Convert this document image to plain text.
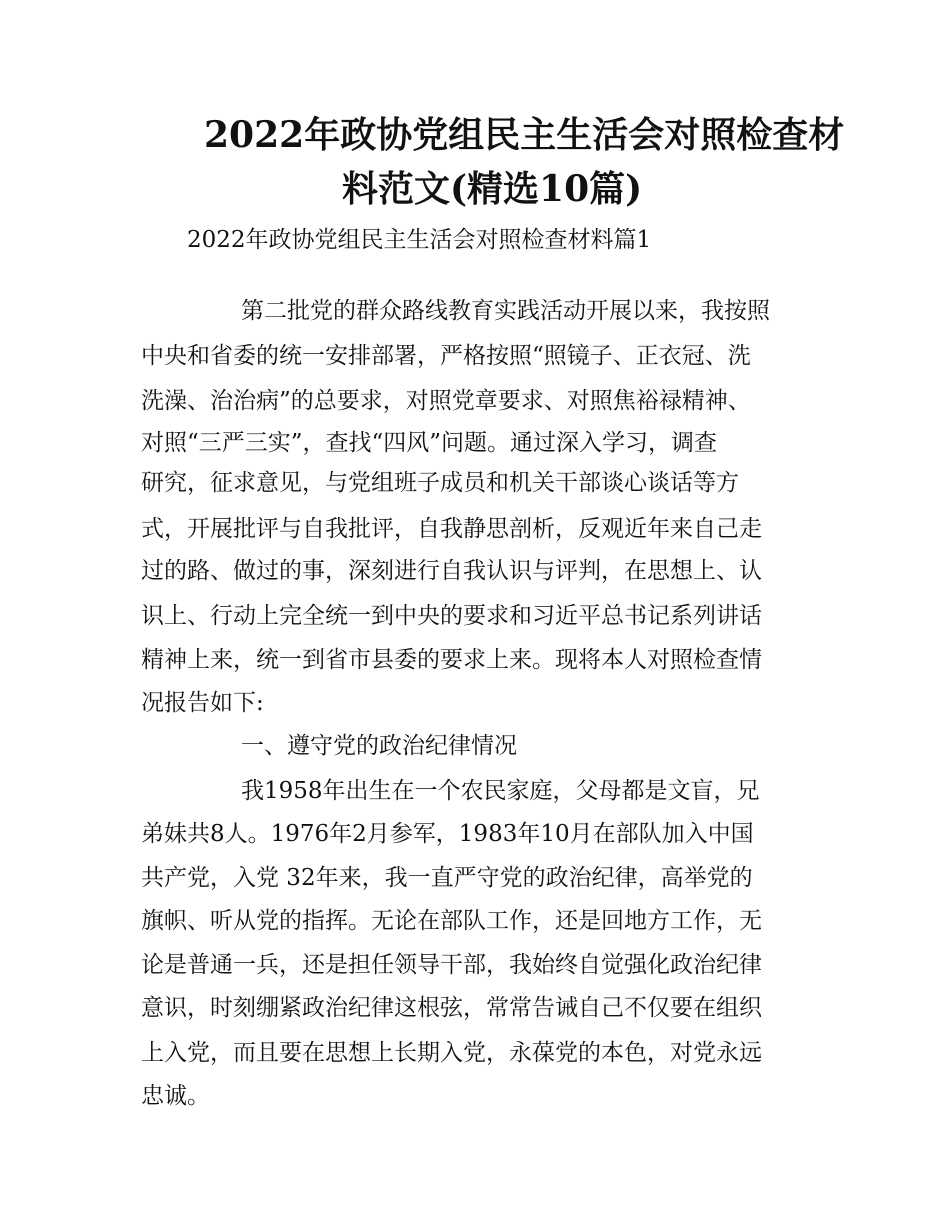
2022年政协党组民主生活会对照检查材
料范文(精选10篇)
2022年政协党组民主生活会对照检查材料篇1
第二批党的群众路线教育实践活动开展以来，我按照
中央和省委的统一安排部署，严格按照“照镜子、正衣冠、洗
洗澡、治治病”的总要求，对照党章要求、对照焦裕禄精神、
对照“三严三实”，查找“四风”问题。通过深入学习，调查
研究，征求意见，与党组班子成员和机关干部谈心谈话等方
式，开展批评与自我批评，自我静思剖析，反观近年来自己走
过的路、做过的事，深刻进行自我认识与评判，在思想上、认
识上、行动上完全统一到中央的要求和习近平总书记系列讲话
精神上来，统一到省市县委的要求上来。现将本人对照检查情
况报告如下:
一、遵守党的政治纪律情况
我1958年出生在一个农民家庭，父母都是文盲，兄
弟妹共8人。1976年2月参军，1983年10月在部队加入中国
共产党，入党 32年来，我一直严守党的政治纪律，高举党的
旗帜、听从党的指挥。无论在部队工作，还是回地方工作，无
论是普通一兵，还是担任领导干部，我始终自觉强化政治纪律
意识，时刻绷紧政治纪律这根弦，常常告诫自己不仅要在组织
上入党，而且要在思想上长期入党，永葆党的本色，对党永远
忠诚。
